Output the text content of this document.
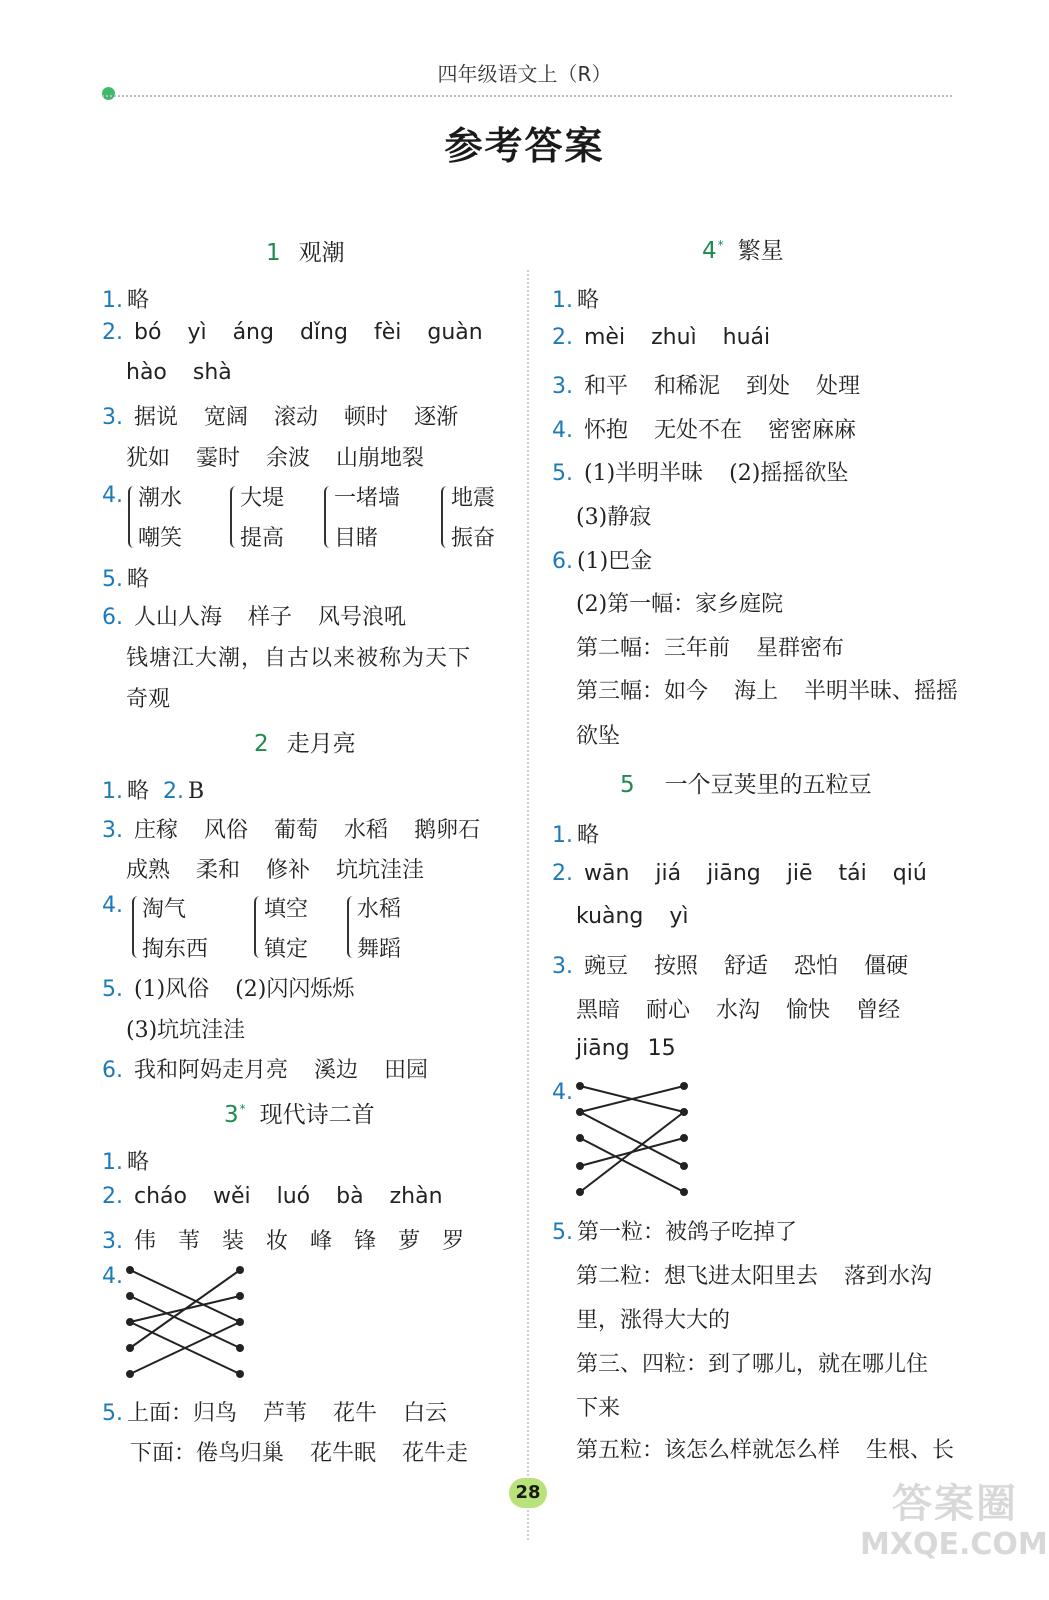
四年级语文上（R）
参考答案
1 观潮
1. 略
2. bó yì áng dǐng fèi guàn
hào shà
3. 据说 宽阔 滚动 顿时 逐渐
犹如 霎时 余波 山崩地裂
4. 潮水
嘲笑
大堤
提高
一堵墙
目睹
地震
振奋
5. 略
6. 人山人海 样子 风号浪吼
钱塘江大潮，自古以来被称为天下
奇观
2 走月亮
1. 略 2. B
3. 庄稼 风俗 葡萄 水稻 鹅卵石
成熟 柔和 修补 坑坑洼洼
4. 淘气
掏东西
填空
镇定
水稻
舞蹈
5. (1)风俗 (2)闪闪烁烁
(3)坑坑洼洼
6. 我和阿妈走月亮 溪边 田园
3* 现代诗二首
1. 略
2. cháo wěi luó bà zhàn
3. 伟 苇 装 妆 峰 锋 萝 罗
4.
5. 上面：归鸟 芦苇 花牛 白云
下面：倦鸟归巢 花牛眠 花牛走
4* 繁星
1. 略
2. mèi zhuì huái
3. 和平 和稀泥 到处 处理
4. 怀抱 无处不在 密密麻麻
5. (1)半明半昧 (2)摇摇欲坠
(3)静寂
6. (1)巴金
(2)第一幅：家乡庭院
第二幅：三年前 星群密布
第三幅：如今 海上 半明半昧、摇摇
欲坠
5 一个豆荚里的五粒豆
1. 略
2. wān jiá jiāng jiē tái qiú
kuàng yì
3. 豌豆 按照 舒适 恐怕 僵硬
黑暗 耐心 水沟 愉快 曾经
jiāng 15
4.
5. 第一粒：被鸽子吃掉了
第二粒：想飞进太阳里去 落到水沟
里，涨得大大的
第三、四粒：到了哪儿，就在哪儿住
下来
第五粒：该怎么样就怎么样 生根、长
28	答案圈
MXQE.COM
